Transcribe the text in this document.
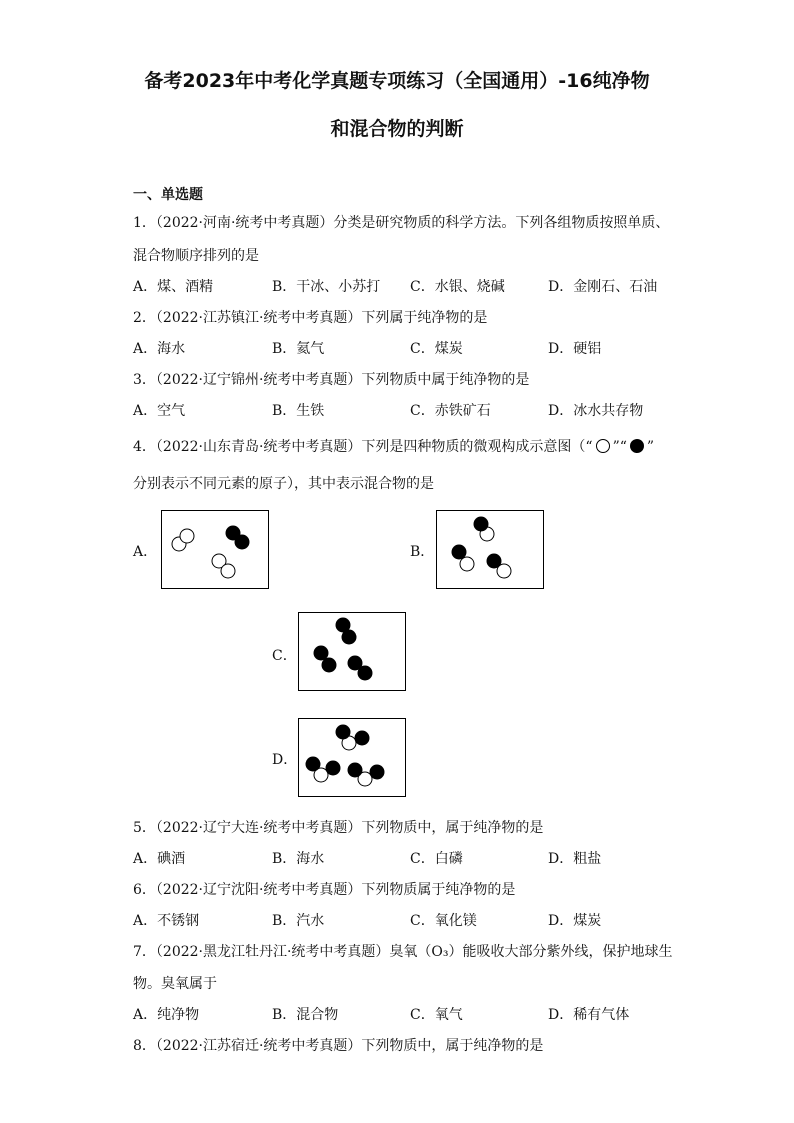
备考2023年中考化学真题专项练习（全国通用）-16纯净物
和混合物的判断
一、单选题
1．（2022·河南·统考中考真题）分类是研究物质的科学方法。下列各组物质按照单质、
混合物顺序排列的是
A．煤、酒精	B．干冰、小苏打 C．水银、烧碱	D．金刚石、石油
2．（2022·江苏镇江·统考中考真题）下列属于纯净物的是
A．海水	B．氦气	C．煤炭	D．硬铝
3．（2022·辽宁锦州·统考中考真题）下列物质中属于纯净物的是
A．空气	B．生铁	C．赤铁矿石	D．冰水共存物
4．（2022·山东青岛·统考中考真题）下列是四种物质的微观构成示意图（“ ”“ ”
分别表示不同元素的原子），其中表示混合物的是
A．	B．
C．
D．
5．（2022·辽宁大连·统考中考真题）下列物质中，属于纯净物的是
A．碘酒	B．海水	C．白磷	D．粗盐
6．（2022·辽宁沈阳·统考中考真题）下列物质属于纯净物的是
A．不锈钢	B．汽水	C．氧化镁	D．煤炭
7．（2022·黑龙江牡丹江·统考中考真题）臭氧（O₃）能吸收大部分紫外线，保护地球生
物。臭氧属于
A．纯净物	B．混合物	C．氧气	D．稀有气体
8．（2022·江苏宿迁·统考中考真题）下列物质中，属于纯净物的是
